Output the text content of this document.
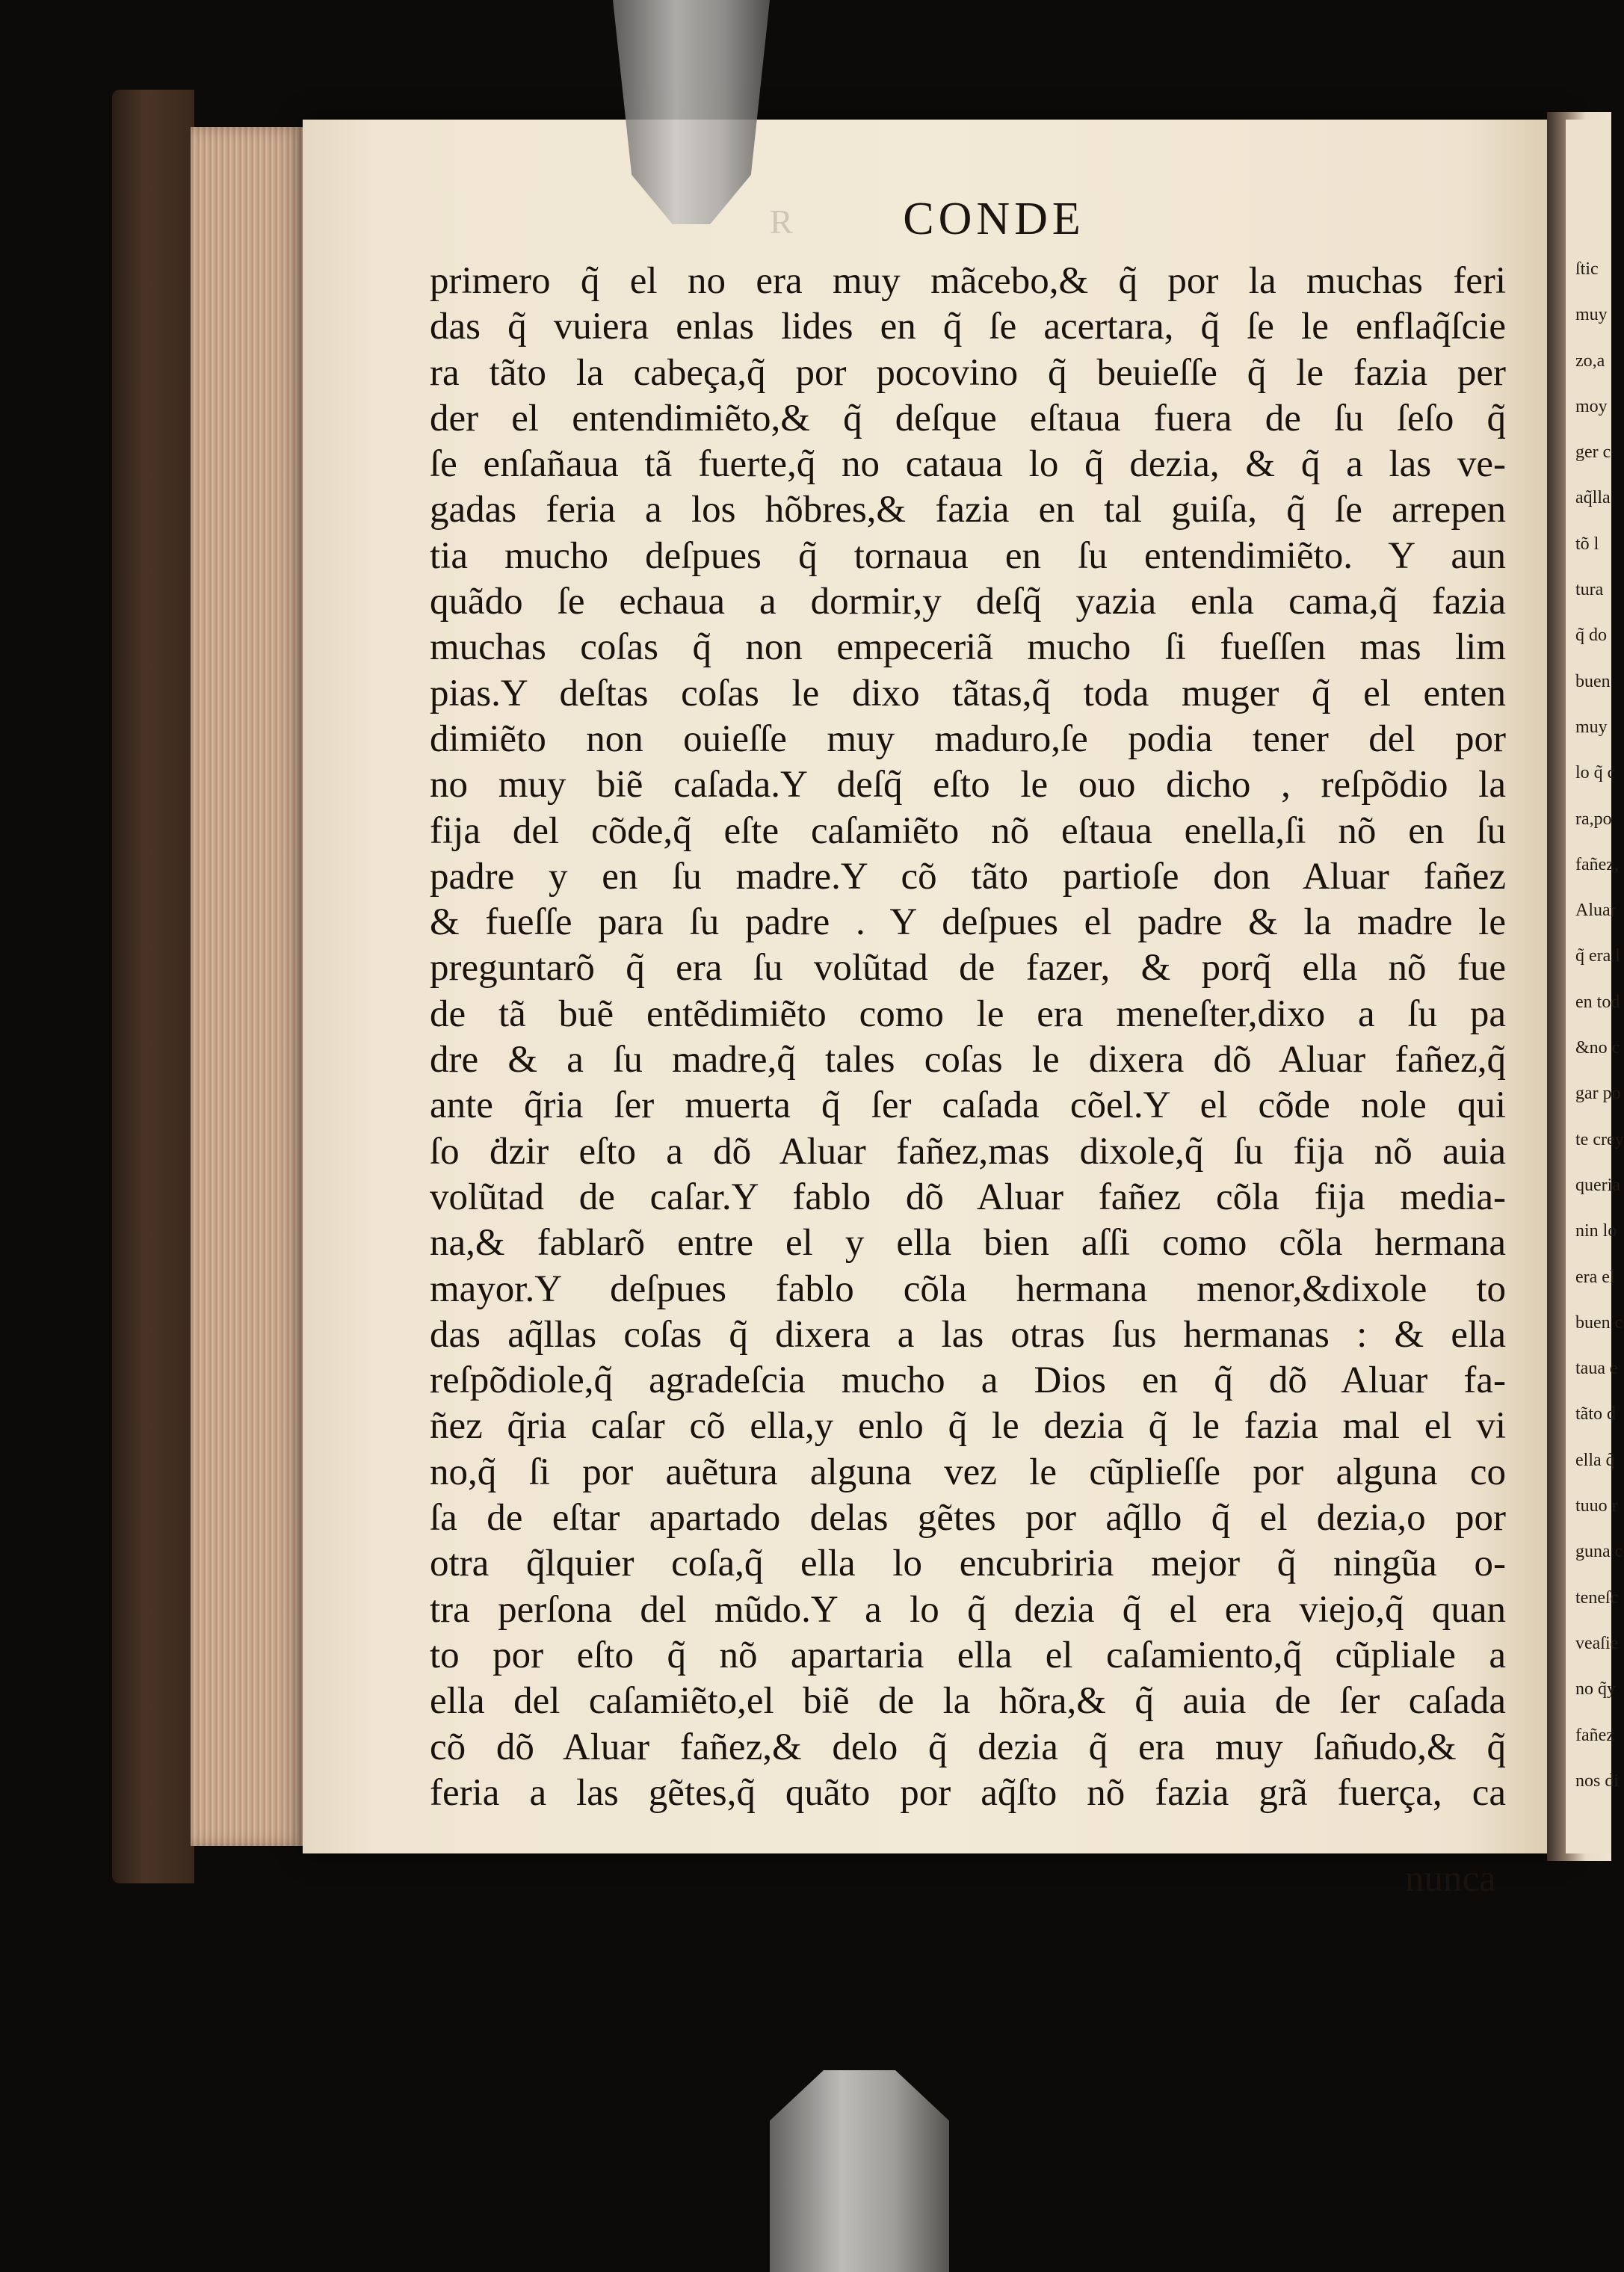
ſtic
muy
zo,a
moy
ger c
aq̃lla
tõ l
tura
q̃ do
buen
muy
lo q̃ c
ra,po
fañez,
Aluar
q̃ era l
en tod
&no c
gar po
te crey
queria
nin lo
era el
buen c
taua e
tãto d
ella q̃
tuuo r
guna c
teneſc
veaſie
no q̃y
fañez
nos di
R	CONDE
primero q̃ el no era muy mãcebo,& q̃ por la muchas feri
das q̃ vuiera enlas lides en q̃ ſe acertara, q̃ ſe le enflaq̃ſcie
ra tãto la cabeça,q̃ por pocovino q̃ beuieſſe q̃ le fazia per
der el entendimiẽto,& q̃ deſque eſtaua fuera de ſu ſeſo q̃
ſe enſañaua tã fuerte,q̃ no cataua lo q̃ dezia, & q̃ a las ve-
gadas feria a los hõbres,& fazia en tal guiſa, q̃ ſe arrepen
tia mucho deſpues q̃ tornaua en ſu entendimiẽto. Y aun
quãdo ſe echaua a dormir,y deſq̃ yazia enla cama,q̃ fazia
muchas coſas q̃ non empeceriã mucho ſi fueſſen mas lim
pias.Y deſtas coſas le dixo tãtas,q̃ toda muger q̃ el enten
dimiẽto non ouieſſe muy maduro,ſe podia tener del por
no muy biẽ caſada.Y deſq̃ eſto le ouo dicho , reſpõdio la
fija del cõde,q̃ eſte caſamiẽto nõ eſtaua enella,ſi nõ en ſu
padre y en ſu madre.Y cõ tãto partioſe don Aluar fañez
& fueſſe para ſu padre . Y deſpues el padre & la madre le
preguntarõ q̃ era ſu volũtad de fazer, & porq̃ ella nõ fue
de tã buẽ entẽdimiẽto como le era meneſter,dixo a ſu pa
dre & a ſu madre,q̃ tales coſas le dixera dõ Aluar fañez,q̃
ante q̃ria ſer muerta q̃ ſer caſada cõel.Y el cõde nole qui
ſo ḋzir eſto a dõ Aluar fañez,mas dixole,q̃ ſu fija nõ auia
volũtad de caſar.Y fablo dõ Aluar fañez cõla fija media-
na,& fablarõ entre el y ella bien aſſi como cõla hermana
mayor.Y deſpues fablo cõla hermana menor,&dixole to
das aq̃llas coſas q̃ dixera a las otras ſus hermanas : & ella
reſpõdiole,q̃ agradeſcia mucho a Dios en q̃ dõ Aluar fa-
ñez q̃ria caſar cõ ella,y enlo q̃ le dezia q̃ le fazia mal el vi
no,q̃ ſi por auẽtura alguna vez le cũplieſſe por alguna co
ſa de eſtar apartado delas gẽtes por aq̃llo q̃ el dezia,o por
otra q̃lquier coſa,q̃ ella lo encubriria mejor q̃ ningũa o-
tra perſona del mũdo.Y a lo q̃ dezia q̃ el era viejo,q̃ quan
to por eſto q̃ nõ apartaria ella el caſamiento,q̃ cũpliale a
ella del caſamiẽto,el biẽ de la hõra,& q̃ auia de ſer caſada
cõ dõ Aluar fañez,& delo q̃ dezia q̃ era muy ſañudo,& q̃
feria a las gẽtes,q̃ quãto por aq̃ſto nõ fazia grã fuerça, ca
nunca
